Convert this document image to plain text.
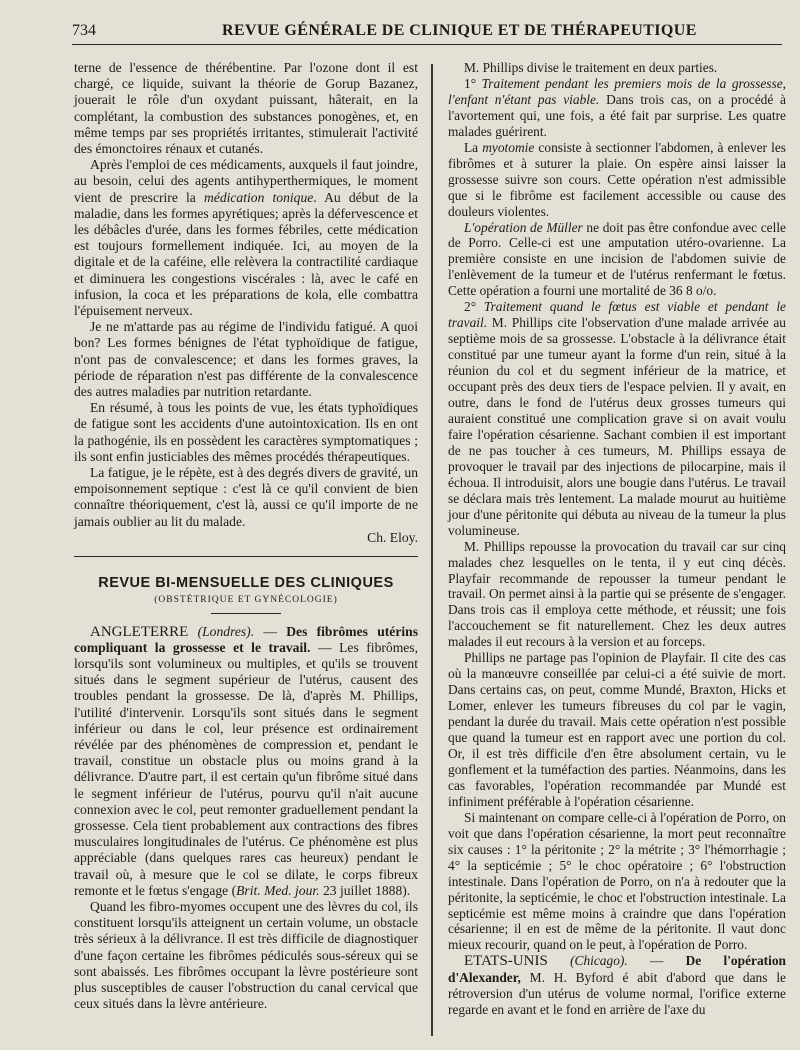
734	REVUE GÉNÉRALE DE CLINIQUE ET DE THÉRAPEUTIQUE

terne de l'essence de thérébentine. Par l'ozone dont il est chargé, ce liquide, suivant la théorie de Gorup Bazanez, jouerait le rôle d'un oxydant puissant, hâterait, en la complétant, la combustion des substances ponogènes, et, en même temps par ses propriétés irritantes, stimulerait l'activité des émonctoires rénaux et cutanés.

Après l'emploi de ces médicaments, auxquels il faut joindre, au besoin, celui des agents antihyperthermiques, le moment vient de prescrire la médication tonique. Au début de la maladie, dans les formes apyrétiques; après la défervescence et les débâcles d'urée, dans les formes fébriles, cette médication est toujours formellement indiquée. Ici, au moyen de la digitale et de la caféine, elle relèvera la contractilité cardiaque et diminuera les congestions viscérales : là, avec le café en infusion, la coca et les préparations de kola, elle combattra l'épuisement nerveux.

Je ne m'attarde pas au régime de l'individu fatigué. A quoi bon? Les formes bénignes de l'état typhoïdique de fatigue, n'ont pas de convalescence; et dans les formes graves, la période de réparation n'est pas différente de la convalescence des autres maladies par nutrition retardante.

En résumé, à tous les points de vue, les états typhoïdiques de fatigue sont les accidents d'une autointoxication. Ils en ont la pathogénie, ils en possèdent les caractères symptomatiques ; ils sont enfin justiciables des mêmes procédés thérapeutiques.

La fatigue, je le répète, est à des degrés divers de gravité, un empoisonnement septique : c'est là ce qu'il convient de bien connaître théoriquement, c'est là, aussi ce qu'il importe de ne jamais oublier au lit du malade.

Ch. Eloy.

REVUE BI-MENSUELLE DES CLINIQUES
(OBSTÉTRIQUE ET GYNÉCOLOGIE)

ANGLETERRE (Londres). — Des fibrômes utérins compliquant la grossesse et le travail. — Les fibrômes, lorsqu'ils sont volumineux ou multiples, et qu'ils se trouvent situés dans le segment supérieur de l'utérus, causent des troubles pendant la grossesse. De là, d'après M. Phillips, l'utilité d'intervenir. Lorsqu'ils sont situés dans le segment inférieur ou dans le col, leur présence est ordinairement révélée par des phénomènes de compression et, pendant le travail, constitue un obstacle plus ou moins grand à la délivrance. D'autre part, il est certain qu'un fibrôme situé dans le segment inférieur de l'utérus, pourvu qu'il n'ait aucune connexion avec le col, peut remonter graduellement pendant la grossesse. Cela tient probablement aux contractions des fibres musculaires longitudinales de l'utérus. Ce phénomène est plus appréciable (dans quelques rares cas heureux) pendant le travail où, à mesure que le col se dilate, le corps fibreux remonte et le fœtus s'engage (Brit. Med. jour. 23 juillet 1888).

Quand les fibro-myomes occupent une des lèvres du col, ils constituent lorsqu'ils atteignent un certain volume, un obstacle très sérieux à la délivrance. Il est très difficile de diagnostiquer d'une façon certaine les fibrômes pédiculés sous-séreux qui se sont abaissés. Les fibrômes occupant la lèvre postérieure sont plus susceptibles de causer l'obstruction du canal cervical que ceux situés dans la lèvre antérieure.

M. Phillips divise le traitement en deux parties.

1° Traitement pendant les premiers mois de la grossesse, l'enfant n'étant pas viable. Dans trois cas, on a procédé à l'avortement qui, une fois, a été fait par surprise. Les quatre malades guérirent.

La myotomie consiste à sectionner l'abdomen, à enlever les fibrômes et à suturer la plaie. On espère ainsi laisser la grossesse suivre son cours. Cette opération n'est admissible que si le fibrôme est facilement accessible ou cause des douleurs violentes.

L'opération de Müller ne doit pas être confondue avec celle de Porro. Celle-ci est une amputation utéro-ovarienne. La première consiste en une incision de l'abdomen suivie de l'enlèvement de la tumeur et de l'utérus renfermant le fœtus. Cette opération a fourni une mortalité de 36 8 o/o.

2° Traitement quand le fœtus est viable et pendant le travail. M. Phillips cite l'observation d'une malade arrivée au septième mois de sa grossesse. L'obstacle à la délivrance était constitué par une tumeur ayant la forme d'un rein, situé à la réunion du col et du segment inférieur de la matrice, et occupant près des deux tiers de l'espace pelvien. Il y avait, en outre, dans le fond de l'utérus deux grosses tumeurs qui auraient constitué une complication grave si on avait voulu faire l'opération césarienne. Sachant combien il est important de ne pas toucher à ces tumeurs, M. Phillips essaya de provoquer le travail par des injections de pilocarpine, mais il échoua. Il introduisit, alors une bougie dans l'utérus. Le travail se déclara mais très lentement. La malade mourut au huitième jour d'une péritonite qui débuta au niveau de la tumeur la plus volumineuse.

M. Phillips repousse la provocation du travail car sur cinq malades chez lesquelles on le tenta, il y eut cinq décès. Playfair recommande de repousser la tumeur pendant le travail. On permet ainsi à la partie qui se présente de s'engager. Dans trois cas il employa cette méthode, et réussit; une fois l'accouchement se fit naturellement. Chez les deux autres malades il eut recours à la version et au forceps.

Phillips ne partage pas l'opinion de Playfair. Il cite des cas où la manœuvre conseillée par celui-ci a été suivie de mort. Dans certains cas, on peut, comme Mundé, Braxton, Hicks et Lomer, enlever les tumeurs fibreuses du col par le vagin, pendant la durée du travail. Mais cette opération n'est possible que quand la tumeur est en rapport avec une portion du col. Or, il est très difficile d'en être absolument certain, vu le gonflement et la tuméfaction des parties. Néanmoins, dans les cas favorables, l'opération recommandée par Mundé est infiniment préférable à l'opération césarienne.

Si maintenant on compare celle-ci à l'opération de Porro, on voit que dans l'opération césarienne, la mort peut reconnaître six causes : 1° la péritonite ; 2° la métrite ; 3° l'hémorrhagie ; 4° la septicémie ; 5° le choc opératoire ; 6° l'obstruction intestinale. Dans l'opération de Porro, on n'a à redouter que la péritonite, la septicémie, le choc et l'obstruction intestinale. La septicémie est même moins à craindre que dans l'opération césarienne; il en est de même de la péritonite. Il vaut donc mieux recourir, quand on le peut, à l'opération de Porro.

ETATS-UNIS (Chicago). — De l'opération d'Alexander, M. H. Byford é abit d'abord que dans le rétroversion d'un utérus de volume normal, l'orifice externe regarde en avant et le fond en arrière de l'axe du
